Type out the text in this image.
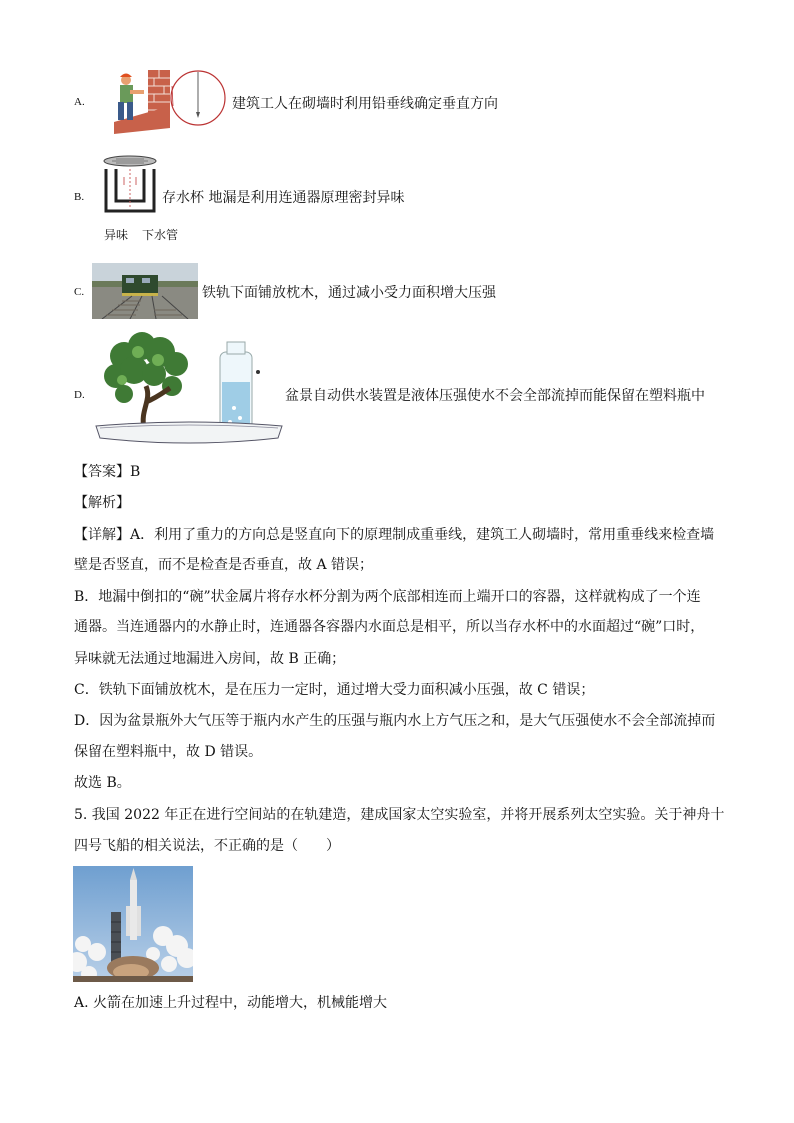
A.	建筑工人在砌墙时利用铅垂线确定垂直方向
B.	存水杯 地漏是利用连通器原理密封异味
异味 下水管
C.	铁轨下面铺放枕木，通过减小受力面积增大压强
D.	盆景自动供水装置是液体压强使水不会全部流掉而能保留在塑料瓶中
【答案】B
【解析】
【详解】A．利用了重力的方向总是竖直向下的原理制成重垂线，建筑工人砌墙时，常用重垂线来检查墙
壁是否竖直，而不是检查是否垂直，故 A 错误；
B．地漏中倒扣的“碗”状金属片将存水杯分割为两个底部相连而上端开口的容器，这样就构成了一个连
通器。当连通器内的水静止时，连通器各容器内水面总是相平，所以当存水杯中的水面超过“碗”口时，
异味就无法通过地漏进入房间，故 B 正确；
C．铁轨下面铺放枕木，是在压力一定时，通过增大受力面积减小压强，故 C 错误；
D．因为盆景瓶外大气压等于瓶内水产生的压强与瓶内水上方气压之和，是大气压强使水不会全部流掉而
保留在塑料瓶中，故 D 错误。
故选 B。
5. 我国 2022 年正在进行空间站的在轨建造，建成国家太空实验室，并将开展系列太空实验。关于神舟十
四号飞船的相关说法，不正确的是（　　）
A. 火箭在加速上升过程中，动能增大，机械能增大
